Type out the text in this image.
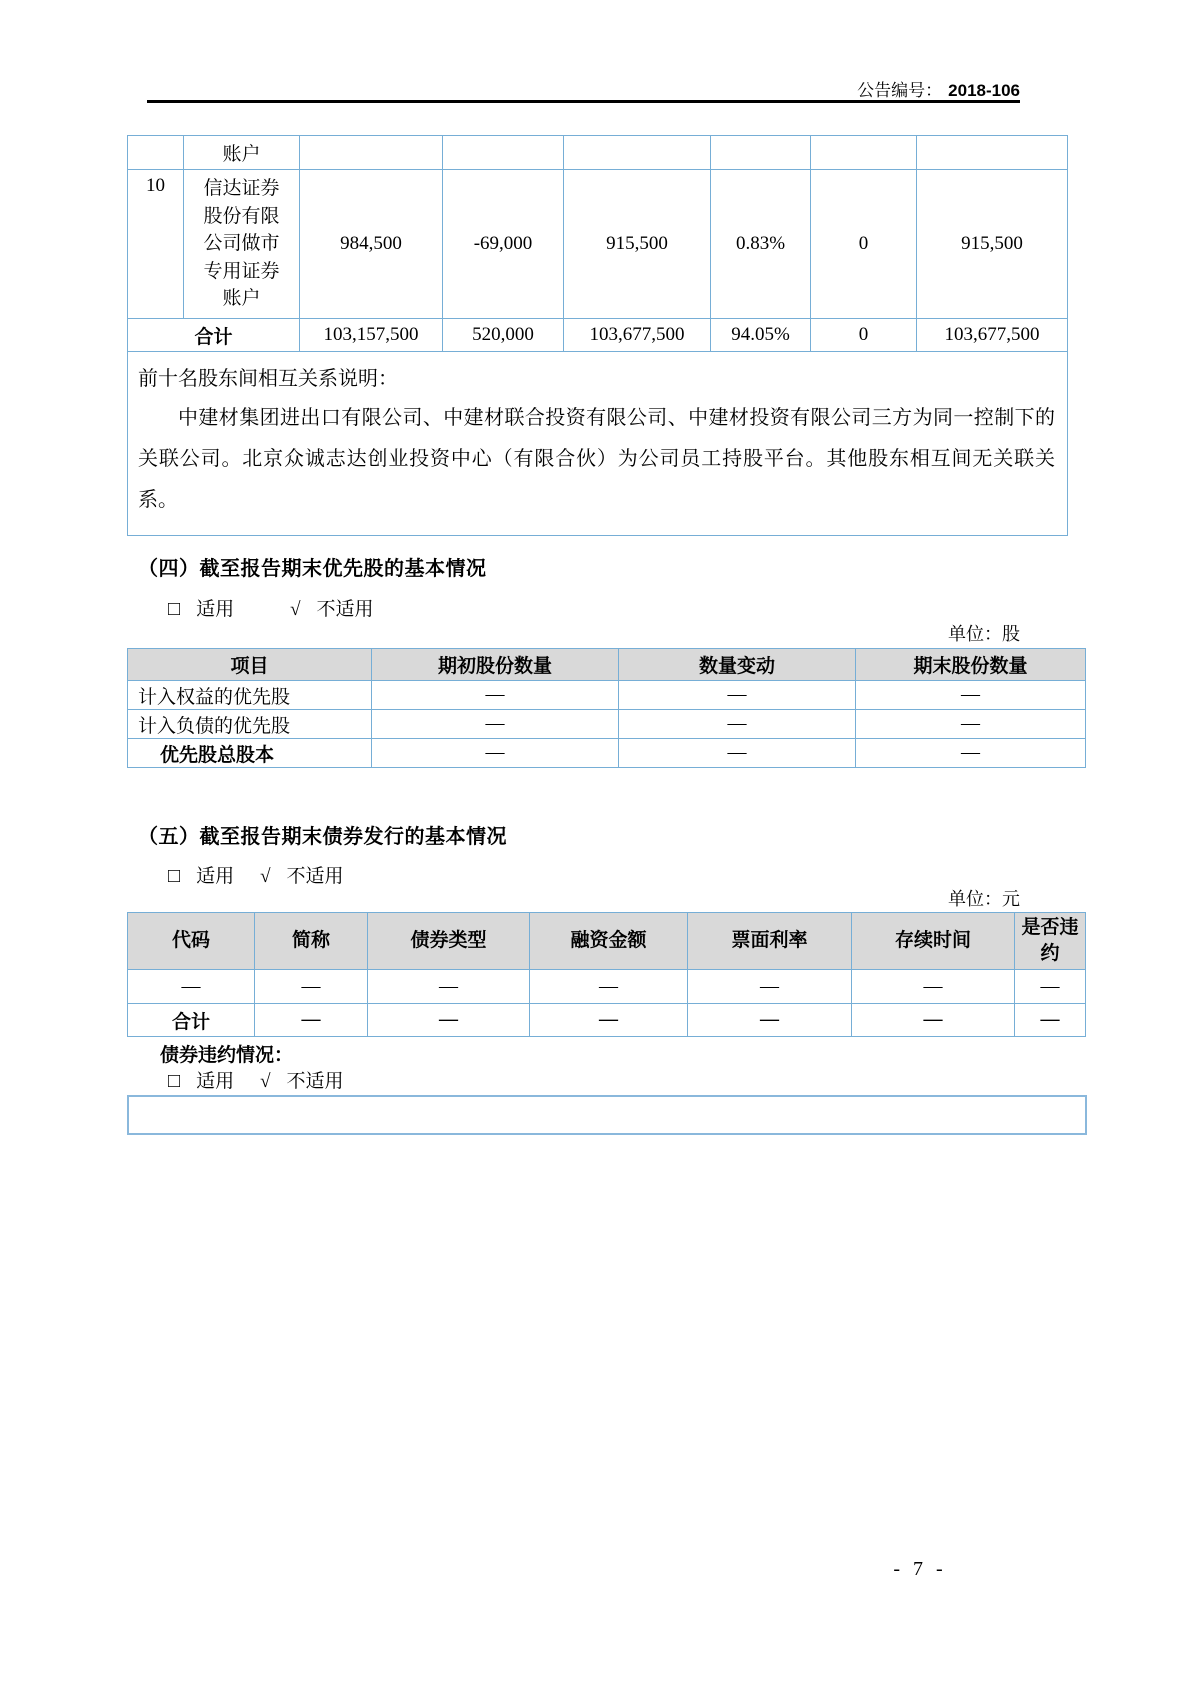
公告编号： 2018-106
	账户						
10	信达证券股份有限公司做市专用证券账户	984,500	-69,000	915,500	0.83%	0	915,500
合计		103,157,500	520,000	103,677,500	94.05%	0	103,677,500

前十名股东间相互关系说明：

中建材集团进出口有限公司、中建材联合投资有限公司、中建材投资有限公司三方为同一控制下的关联公司。北京众诚志达创业投资中心（有限合伙）为公司员工持股平台。其他股东相互间无关联关系。							

（四）截至报告期末优先股的基本情况
□ 适用	√ 不适用
单位：股
项目	期初股份数量	数量变动	期末股份数量
计入权益的优先股	—	—	—
计入负债的优先股	—	—	—
优先股总股本	—	—	—
（五）截至报告期末债券发行的基本情况
□ 适用 √ 不适用
单位：元
代码	简称	债券类型	融资金额	票面利率	存续时间	是否违约
—	—	—	—	—	—	—
合计	—	—	—	—	—	—
债券违约情况：
□ 适用 √ 不适用
- 7 -
